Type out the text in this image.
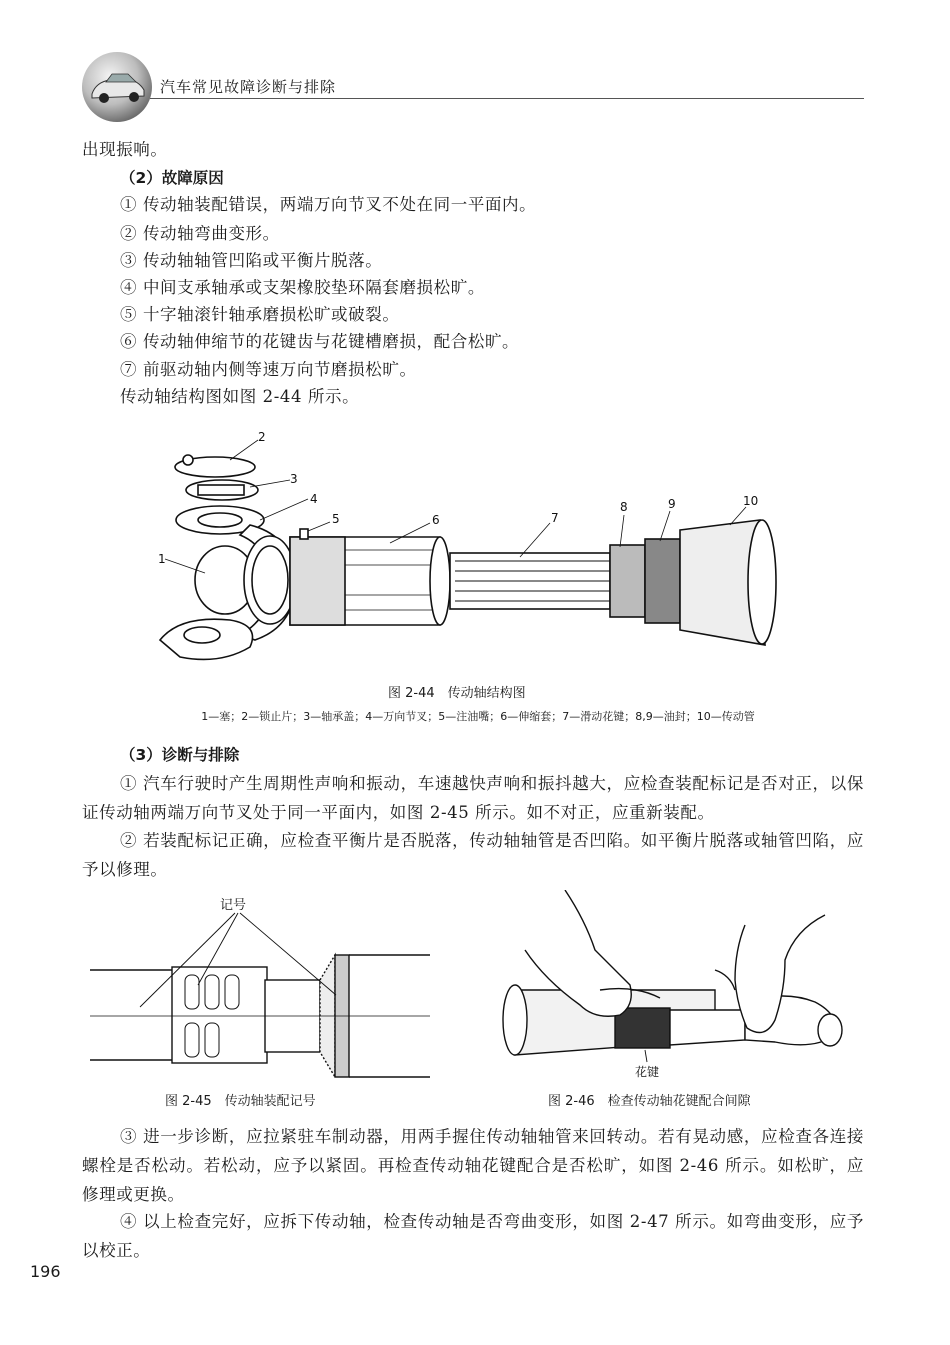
汽车常见故障诊断与排除
出现振响。
（2）故障原因
① 传动轴装配错误，两端万向节叉不处在同一平面内。
② 传动轴弯曲变形。
③ 传动轴轴管凹陷或平衡片脱落。
④ 中间支承轴承或支架橡胶垫环隔套磨损松旷。
⑤ 十字轴滚针轴承磨损松旷或破裂。
⑥ 传动轴伸缩节的花键齿与花键槽磨损，配合松旷。
⑦ 前驱动轴内侧等速万向节磨损松旷。
传动轴结构图如图 2-44 所示。
1
2
3
4
5	6	7
8	9	10
图 2-44　传动轴结构图
1—塞；2—锁止片；3—轴承盖；4—万向节叉；5—注油嘴；6—伸缩套；7—滑动花键；8,9—油封；10—传动管
（3）诊断与排除
① 汽车行驶时产生周期性声响和振动，车速越快声响和振抖越大，应检查装配标记是否对正，以保证传动轴两端万向节叉处于同一平面内，如图 2-45 所示。如不对正，应重新装配。
② 若装配标记正确，应检查平衡片是否脱落，传动轴轴管是否凹陷。如平衡片脱落或轴管凹陷，应予以修理。
记号
图 2-45　传动轴装配记号
花键
图 2-46　检查传动轴花键配合间隙
③ 进一步诊断，应拉紧驻车制动器，用两手握住传动轴轴管来回转动。若有晃动感，应检查各连接螺栓是否松动。若松动，应予以紧固。再检查传动轴花键配合是否松旷，如图 2-46 所示。如松旷，应修理或更换。
④ 以上检查完好，应拆下传动轴，检查传动轴是否弯曲变形，如图 2-47 所示。如弯曲变形，应予以校正。
196
